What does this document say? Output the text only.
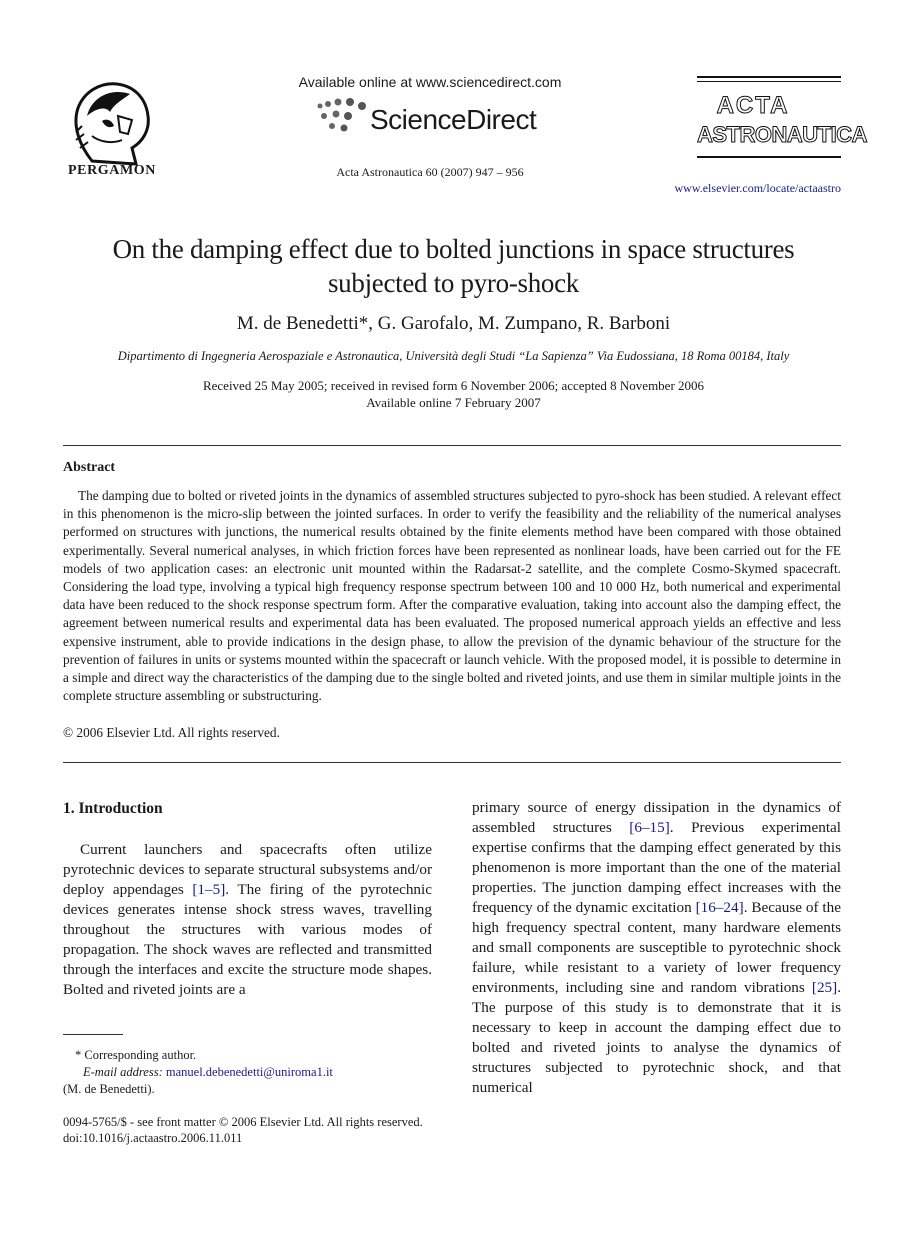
PERGAMON
Available online at www.sciencedirect.com
ScienceDirect
Acta Astronautica 60 (2007) 947 – 956
ACTA
ASTRONAUTICA
www.elsevier.com/locate/actaastro
On the damping effect due to bolted junctions in space structures subjected to pyro-shock
M. de Benedetti*, G. Garofalo, M. Zumpano, R. Barboni
Dipartimento di Ingegneria Aerospaziale e Astronautica, Università degli Studi “La Sapienza” Via Eudossiana, 18 Roma 00184, Italy
Received 25 May 2005; received in revised form 6 November 2006; accepted 8 November 2006
Available online 7 February 2007
Abstract
The damping due to bolted or riveted joints in the dynamics of assembled structures subjected to pyro-shock has been studied. A relevant effect in this phenomenon is the micro-slip between the jointed surfaces. In order to verify the feasibility and the reliability of the numerical analyses performed on structures with junctions, the numerical results obtained by the finite elements method have been compared with those obtained experimentally. Several numerical analyses, in which friction forces have been represented as nonlinear loads, have been carried out for the FE models of two application cases: an electronic unit mounted within the Radarsat-2 satellite, and the complete Cosmo-Skymed spacecraft. Considering the load type, involving a typical high frequency response spectrum between 100 and 10 000 Hz, both numerical and experimental data have been reduced to the shock response spectrum form. After the comparative evaluation, taking into account also the damping effect, the agreement between numerical results and experimental data has been evaluated. The proposed numerical approach yields an effective and less expensive instrument, able to provide indications in the design phase, to allow the prevision of the dynamic behaviour of the structure for the prevention of failures in units or systems mounted within the spacecraft or launch vehicle. With the proposed model, it is possible to determine in a simple and direct way the characteristics of the damping due to the single bolted and riveted joints, and use them in similar multiple joints in the complete structure assembling or substructuring.
© 2006 Elsevier Ltd. All rights reserved.
1. Introduction
Current launchers and spacecrafts often utilize pyrotechnic devices to separate structural subsystems and/or deploy appendages [1–5]. The firing of the pyrotechnic devices generates intense shock stress waves, travelling throughout the structures with various modes of propagation. The shock waves are reflected and transmitted through the interfaces and excite the structure mode shapes. Bolted and riveted joints are a
primary source of energy dissipation in the dynamics of assembled structures [6–15]. Previous experimental expertise confirms that the damping effect generated by this phenomenon is more important than the one of the material properties. The junction damping effect increases with the frequency of the dynamic excitation [16–24]. Because of the high frequency spectral content, many hardware elements and small components are susceptible to pyrotechnic shock failure, while resistant to a variety of lower frequency environments, including sine and random vibrations [25]. The purpose of this study is to demonstrate that it is necessary to keep in account the damping effect due to bolted and riveted joints to analyse the dynamics of structures subjected to pyrotechnic shock, and that numerical
* Corresponding author.
E-mail address: manuel.debenedetti@uniroma1.it
(M. de Benedetti).
0094-5765/$ - see front matter © 2006 Elsevier Ltd. All rights reserved.
doi:10.1016/j.actaastro.2006.11.011
